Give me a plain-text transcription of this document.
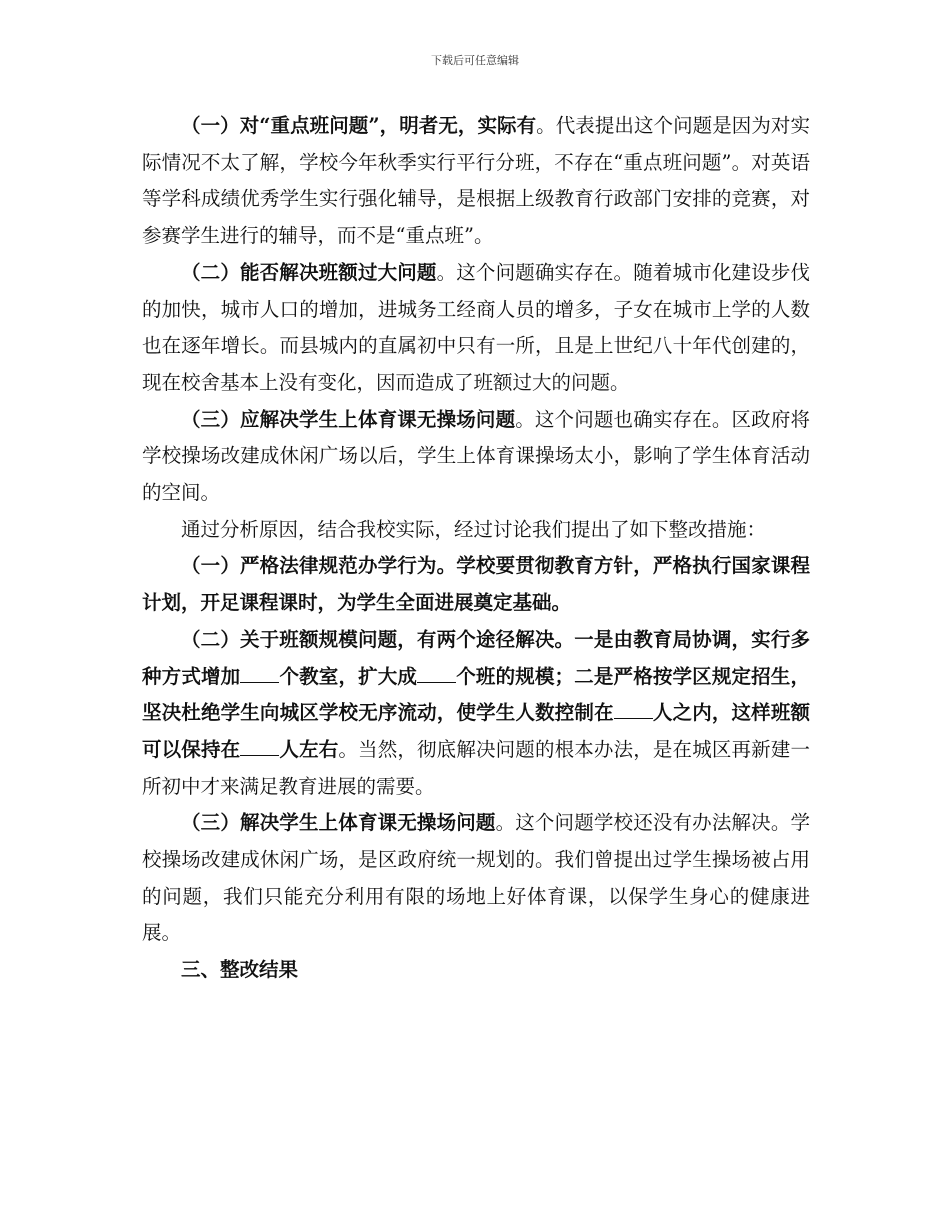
下载后可任意编辑

（一）对“重点班问题”，明者无，实际有。代表提出这个问题是因为对实际情况不太了解，学校今年秋季实行平行分班，不存在“重点班问题”。对英语等学科成绩优秀学生实行强化辅导，是根据上级教育行政部门安排的竞赛，对参赛学生进行的辅导，而不是“重点班”。

（二）能否解决班额过大问题。这个问题确实存在。随着城市化建设步伐的加快，城市人口的增加，进城务工经商人员的增多，子女在城市上学的人数也在逐年增长。而县城内的直属初中只有一所，且是上世纪八十年代创建的，现在校舍基本上没有变化，因而造成了班额过大的问题。

（三）应解决学生上体育课无操场问题。这个问题也确实存在。区政府将学校操场改建成休闲广场以后，学生上体育课操场太小，影响了学生体育活动的空间。

通过分析原因，结合我校实际，经过讨论我们提出了如下整改措施：

（一）严格法律规范办学行为。学校要贯彻教育方针，严格执行国家课程计划，开足课程课时，为学生全面进展奠定基础。

（二）关于班额规模问题，有两个途径解决。一是由教育局协调，实行多种方式增加 个教室，扩大成 个班的规模；二是严格按学区规定招生，坚决杜绝学生向城区学校无序流动，使学生人数控制在 人之内，这样班额可以保持在 人左右。当然，彻底解决问题的根本办法，是在城区再新建一所初中才来满足教育进展的需要。

（三）解决学生上体育课无操场问题。这个问题学校还没有办法解决。学校操场改建成休闲广场，是区政府统一规划的。我们曾提出过学生操场被占用的问题，我们只能充分利用有限的场地上好体育课，以保学生身心的健康进展。

三、整改结果
